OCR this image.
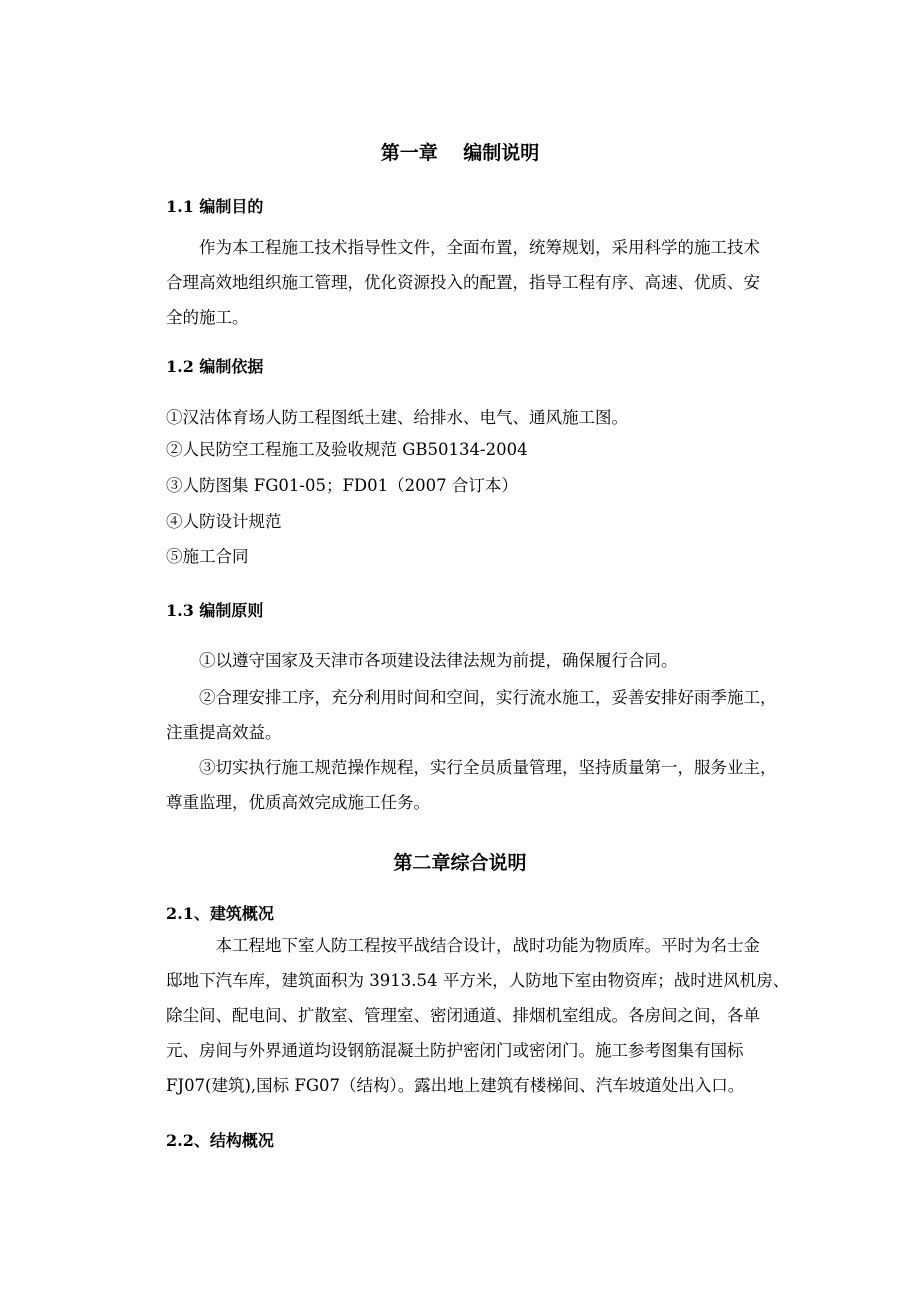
第一章　 编制说明
1.1 编制目的
　　作为本工程施工技术指导性文件，全面布置，统筹规划，采用科学的施工技术
合理高效地组织施工管理，优化资源投入的配置，指导工程有序、高速、优质、安
全的施工。
1.2 编制依据

①汉沽体育场人防工程图纸土建、给排水、电气、通风施工图。

②人民防空工程施工及验收规范 GB50134-2004

③人防图集 FG01-05；FD01（2007 合订本）

④人防设计规范

⑤施工合同

1.3 编制原则
　　①以遵守国家及天津市各项建设法律法规为前提，确保履行合同。
　　②合理安排工序，充分利用时间和空间，实行流水施工，妥善安排好雨季施工，
注重提高效益。
　　③切实执行施工规范操作规程，实行全员质量管理，坚持质量第一，服务业主，
尊重监理，优质高效完成施工任务。
第二章综合说明
2.1、建筑概况
　　　本工程地下室人防工程按平战结合设计，战时功能为物质库。平时为名士金
邸地下汽车库，建筑面积为 3913.54 平方米，人防地下室由物资库；战时进风机房、
除尘间、配电间、扩散室、管理室、密闭通道、排烟机室组成。各房间之间，各单
元、房间与外界通道均设钢筋混凝土防护密闭门或密闭门。施工参考图集有国标
FJ07(建筑),国标 FG07（结构）。露出地上建筑有楼梯间、汽车坡道处出入口。
2.2、结构概况
